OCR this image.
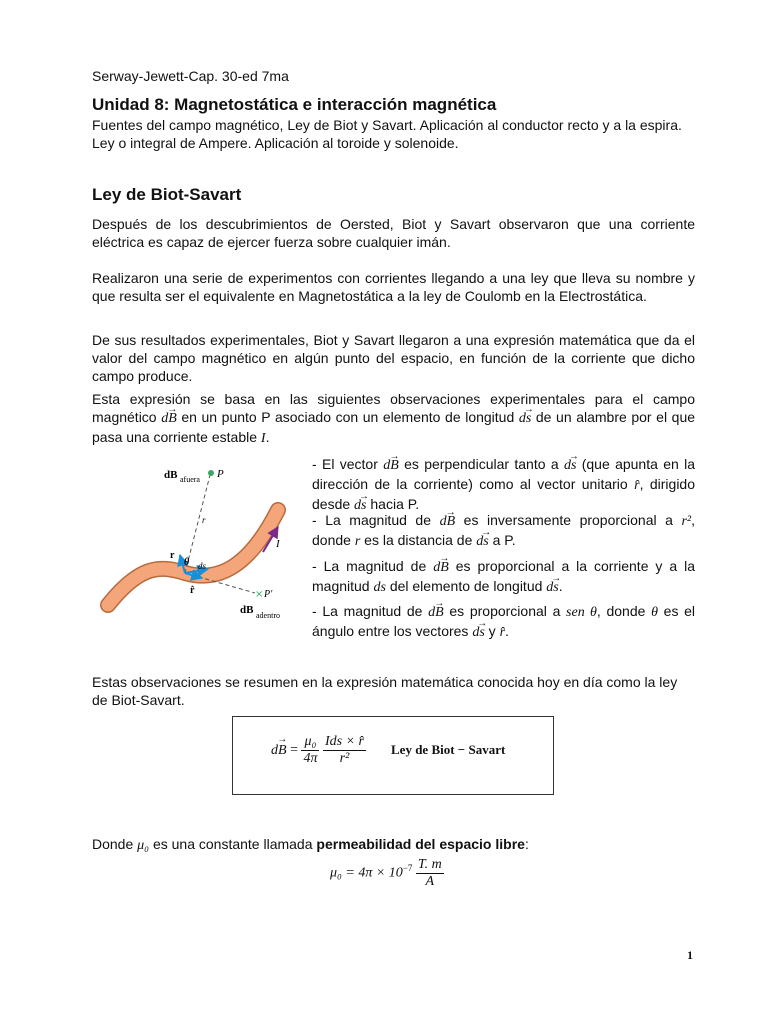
Serway-Jewett-Cap. 30-ed 7ma
Unidad 8: Magnetostática e interacción magnética
Fuentes del campo magnético, Ley de Biot y Savart. Aplicación al conductor recto y a la espira.
Ley o integral de Ampere. Aplicación al toroide y solenoide.
Ley de Biot-Savart
Después de los descubrimientos de Oersted, Biot y Savart observaron que una corriente eléctrica es capaz de ejercer fuerza sobre cualquier imán.
Realizaron una serie de experimentos con corrientes llegando a una ley que lleva su nombre y que resulta ser el equivalente en Magnetostática a la ley de Coulomb en la Electrostática.
De sus resultados experimentales, Biot y Savart llegaron a una expresión matemática que da el valor del campo magnético en algún punto del espacio, en función de la corriente que dicho campo produce.
Esta expresión se basa en las siguientes observaciones experimentales para el campo magnético → dB en un punto P asociado con un elemento de longitud → ds de un alambre por el que pasa una corriente estable I.
×
dB afuera P
r
r
θ ds
r̂	P′
dB adentro
I
- El vector → dB es perpendicular tanto a → ds (que apunta en la dirección de la corriente) como al vector unitario r̂, dirigido desde → ds hacia P.
- La magnitud de → dB es inversamente proporcional a r², donde r es la distancia de → ds a P.
- La magnitud de → dB es proporcional a la corriente y a la magnitud ds del elemento de longitud → ds.
- La magnitud de → dB es proporcional a sen θ, donde θ es el ángulo entre los vectores → ds y r̂.
Estas observaciones se resumen en la expresión matemática conocida hoy en día como la ley de Biot-Savart.
→ dB = $\frac{\text{μ₀}}{4\pi}$
$\frac{\text{Ids × r̂}}{\text{r²}}$ Ley de Biot − Savart
Donde μ₀ es una constante llamada permeabilidad del espacio libre:
$\mu_0 = 4\pi \times 10^{-7} \frac{T. m}{A}$
1
